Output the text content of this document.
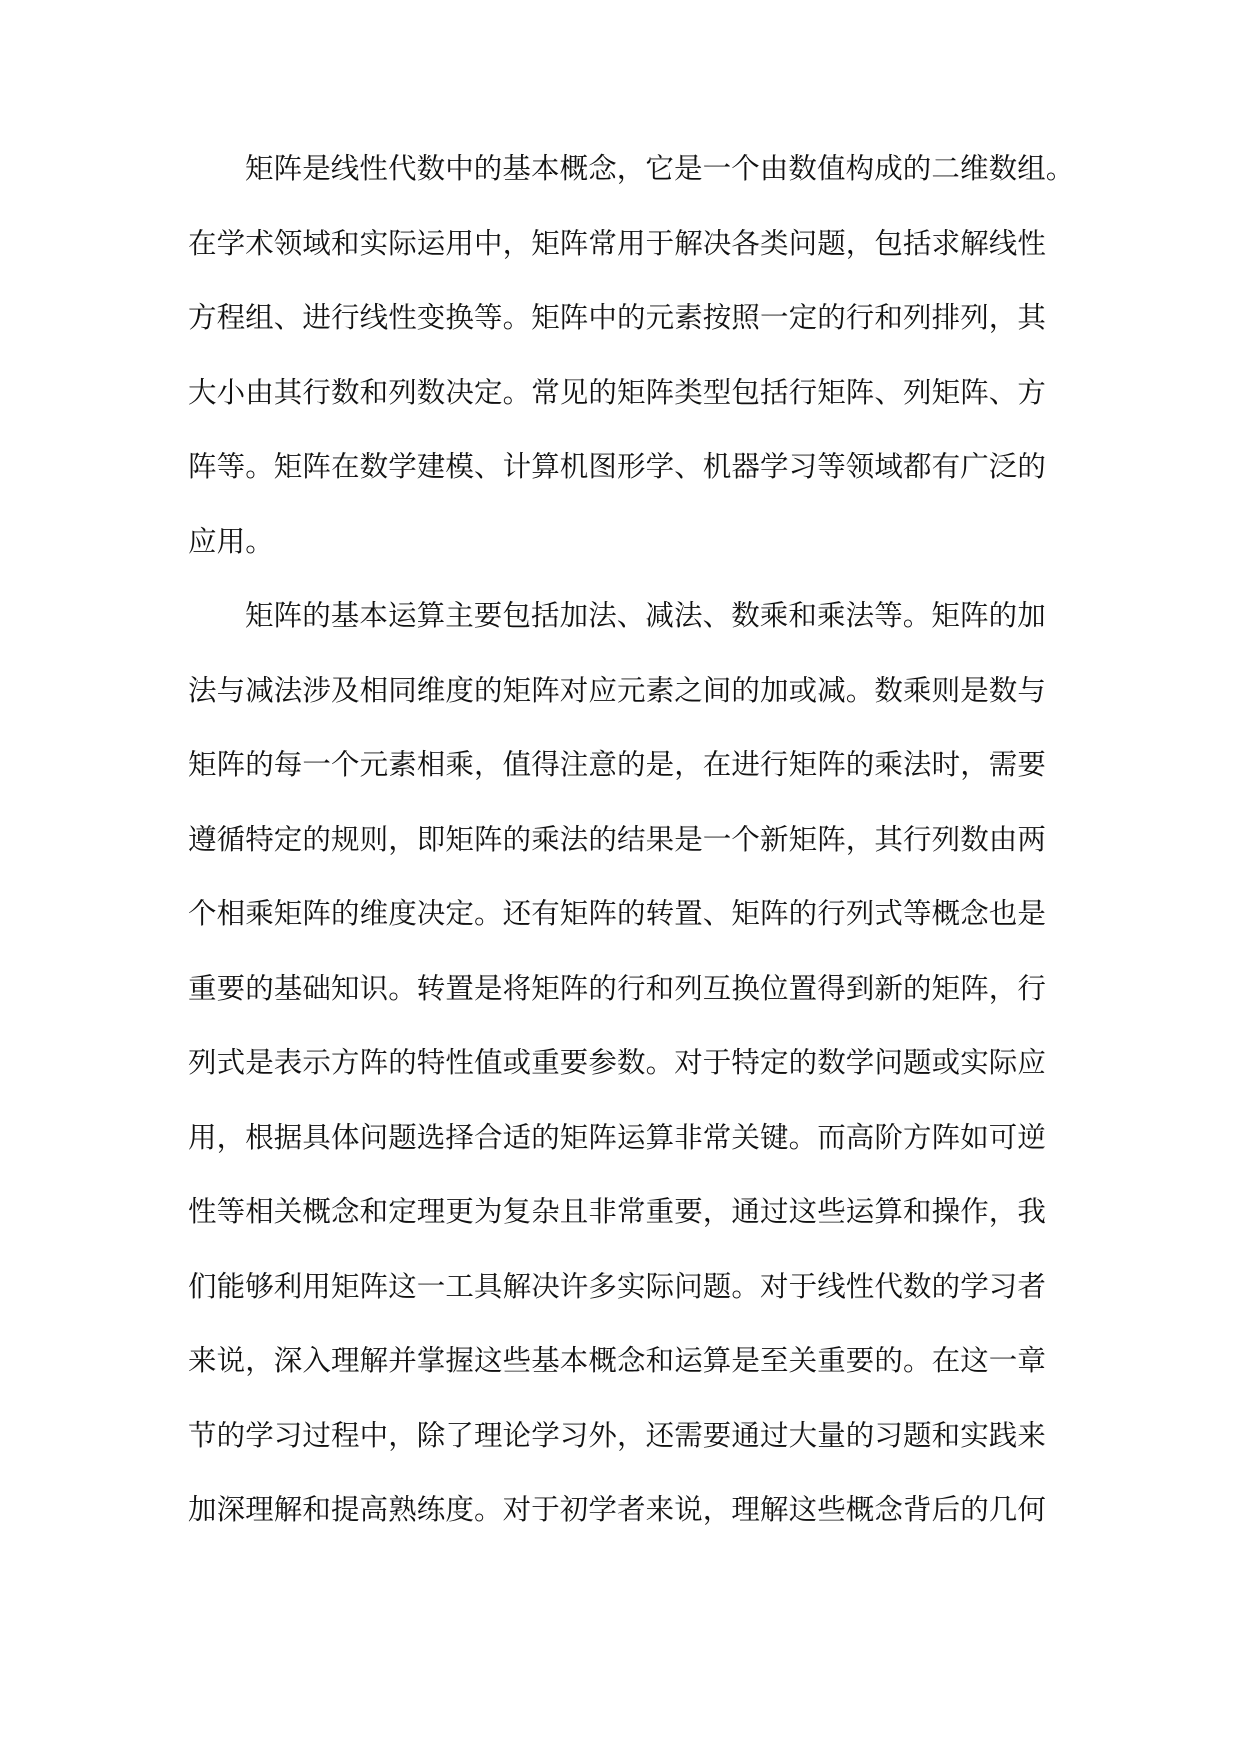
矩阵是线性代数中的基本概念，它是一个由数值构成的二维数组。
在学术领域和实际运用中，矩阵常用于解决各类问题，包括求解线性
方程组、进行线性变换等。矩阵中的元素按照一定的行和列排列，其
大小由其行数和列数决定。常见的矩阵类型包括行矩阵、列矩阵、方
阵等。矩阵在数学建模、计算机图形学、机器学习等领域都有广泛的
应用。
矩阵的基本运算主要包括加法、减法、数乘和乘法等。矩阵的加
法与减法涉及相同维度的矩阵对应元素之间的加或减。数乘则是数与
矩阵的每一个元素相乘，值得注意的是，在进行矩阵的乘法时，需要
遵循特定的规则，即矩阵的乘法的结果是一个新矩阵，其行列数由两
个相乘矩阵的维度决定。还有矩阵的转置、矩阵的行列式等概念也是
重要的基础知识。转置是将矩阵的行和列互换位置得到新的矩阵，行
列式是表示方阵的特性值或重要参数。对于特定的数学问题或实际应
用，根据具体问题选择合适的矩阵运算非常关键。而高阶方阵如可逆
性等相关概念和定理更为复杂且非常重要，通过这些运算和操作，我
们能够利用矩阵这一工具解决许多实际问题。对于线性代数的学习者
来说，深入理解并掌握这些基本概念和运算是至关重要的。在这一章
节的学习过程中，除了理论学习外，还需要通过大量的习题和实践来
加深理解和提高熟练度。对于初学者来说，理解这些概念背后的几何
